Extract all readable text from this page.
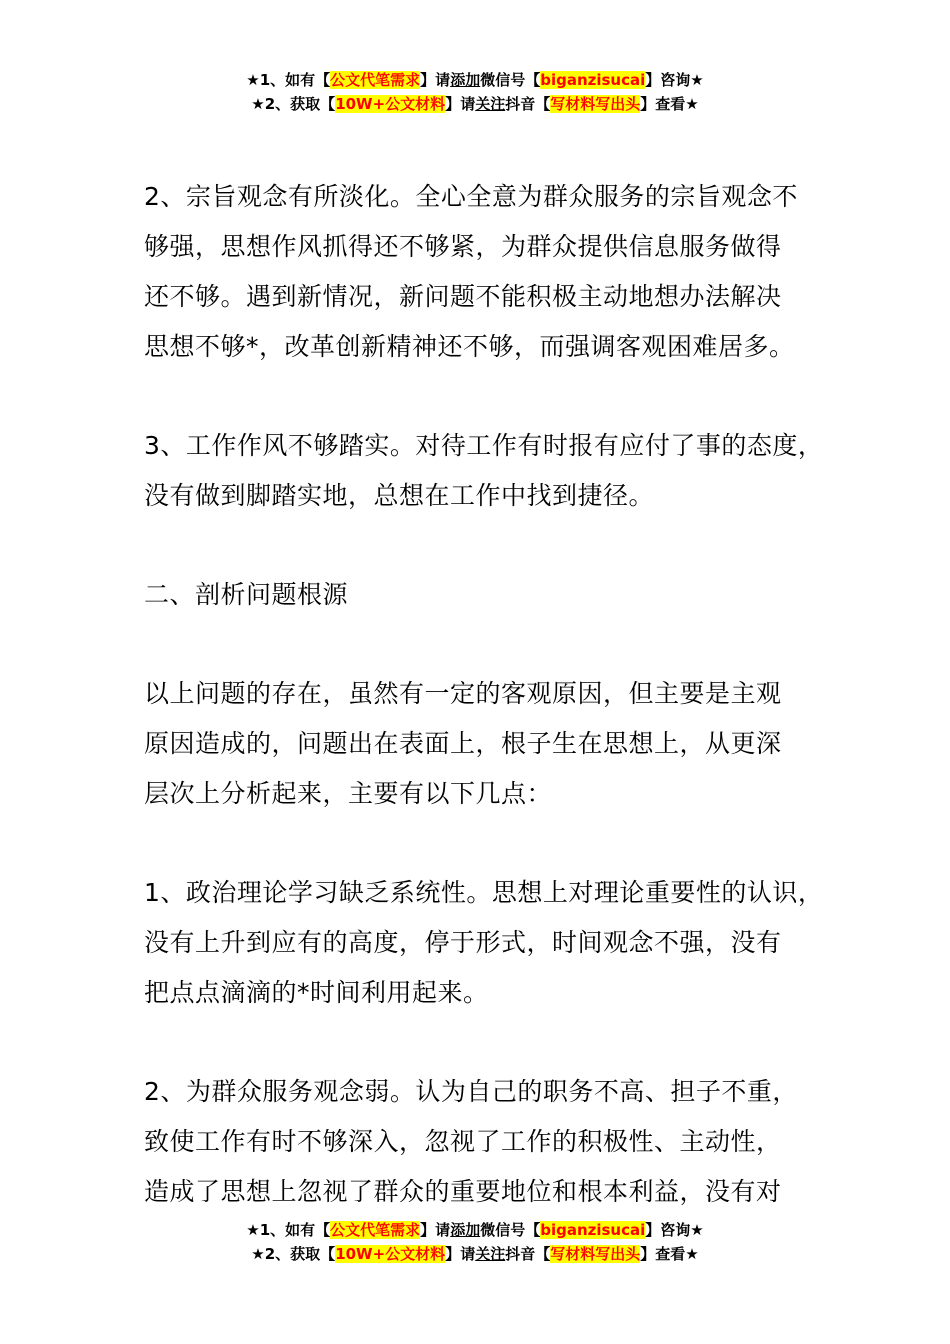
★1、如有【公文代笔需求】请添加微信号【biganzisucai】咨询★
★2、获取【10W+公文材料】请关注抖音【写材料写出头】查看★
2、宗旨观念有所淡化。全心全意为群众服务的宗旨观念不
够强，思想作风抓得还不够紧，为群众提供信息服务做得
还不够。遇到新情况，新问题不能积极主动地想办法解决
思想不够*，改革创新精神还不够，而强调客观困难居多。
3、工作作风不够踏实。对待工作有时报有应付了事的态度，
没有做到脚踏实地，总想在工作中找到捷径。
二、剖析问题根源
以上问题的存在，虽然有一定的客观原因，但主要是主观
原因造成的，问题出在表面上，根子生在思想上，从更深
层次上分析起来，主要有以下几点：
1、政治理论学习缺乏系统性。思想上对理论重要性的认识，
没有上升到应有的高度，停于形式，时间观念不强，没有
把点点滴滴的*时间利用起来。
2、为群众服务观念弱。认为自己的职务不高、担子不重，
致使工作有时不够深入，忽视了工作的积极性、主动性，
造成了思想上忽视了群众的重要地位和根本利益，没有对
★1、如有【公文代笔需求】请添加微信号【biganzisucai】咨询★
★2、获取【10W+公文材料】请关注抖音【写材料写出头】查看★
